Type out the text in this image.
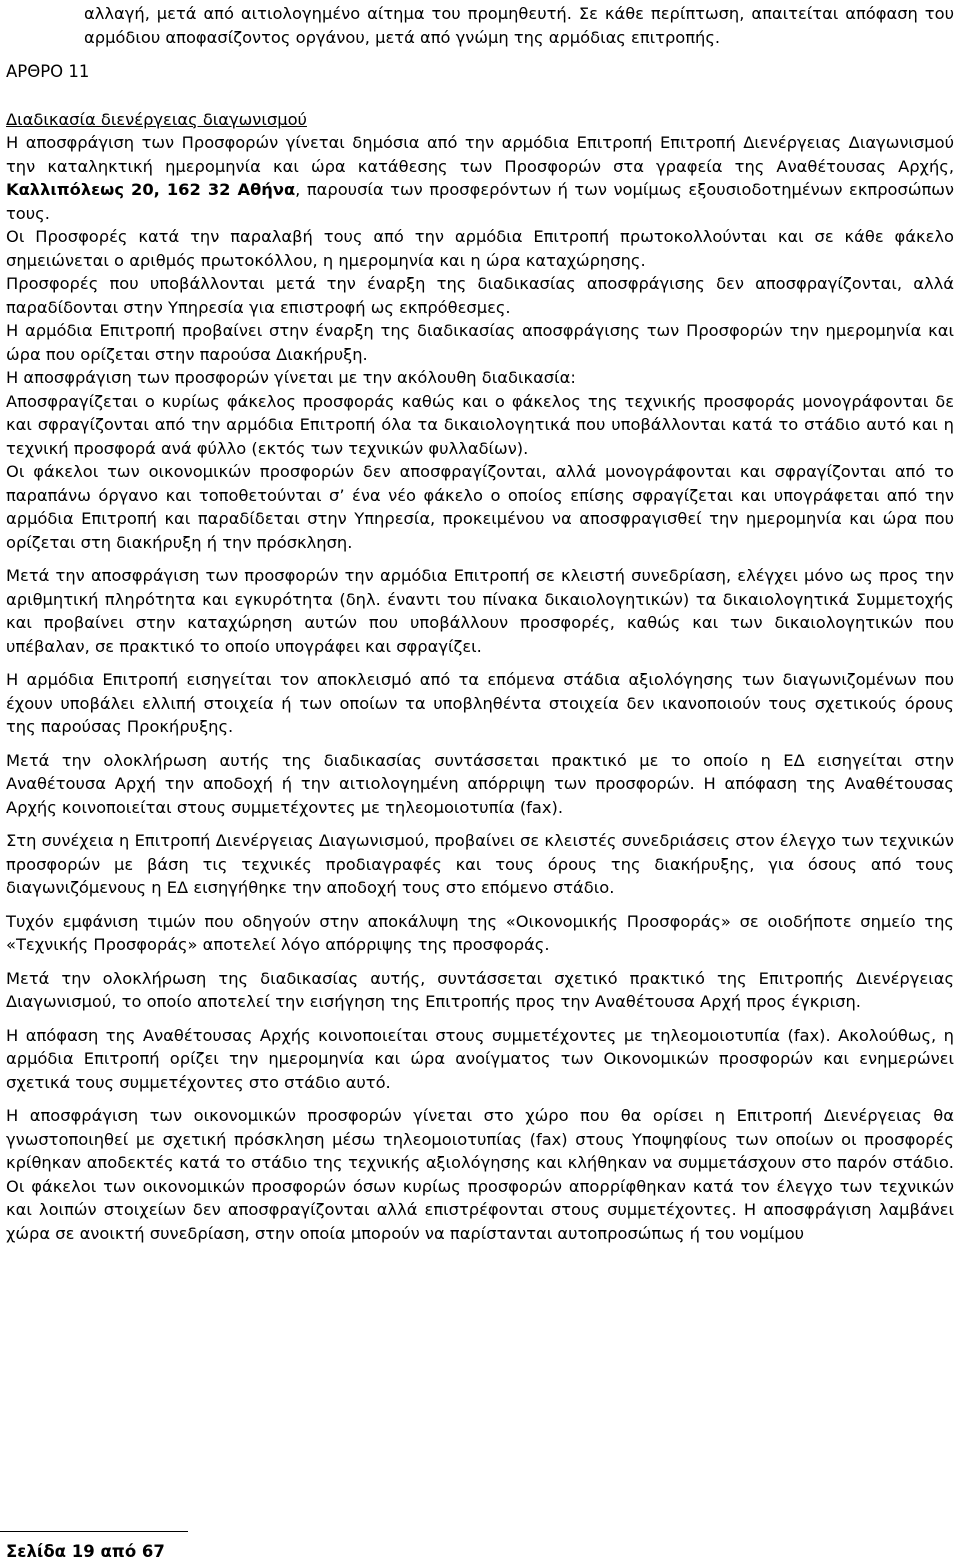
αλλαγή, μετά από αιτιολογημένο αίτημα του προμηθευτή. Σε κάθε περίπτωση, απαιτείται απόφαση του αρμόδιου αποφασίζοντος οργάνου, μετά από γνώμη της αρμόδιας επιτροπής.

ΑΡΘΡΟ 11
Διαδικασία διενέργειας διαγωνισμού

Η αποσφράγιση των Προσφορών γίνεται δημόσια από την αρμόδια Επιτροπή Επιτροπή Διενέργειας Διαγωνισμού την καταληκτική ημερομηνία και ώρα κατάθεσης των Προσφορών στα γραφεία της Αναθέτουσας Αρχής, Καλλιπόλεως 20, 162 32 Αθήνα, παρουσία των προσφερόντων ή των νομίμως εξουσιοδοτημένων εκπροσώπων τους.

Οι Προσφορές κατά την παραλαβή τους από την αρμόδια Επιτροπή πρωτοκολλούνται και σε κάθε φάκελο σημειώνεται ο αριθμός πρωτοκόλλου, η ημερομηνία και η ώρα καταχώρησης.

Προσφορές που υποβάλλονται μετά την έναρξη της διαδικασίας αποσφράγισης δεν αποσφραγίζονται, αλλά παραδίδονται στην Υπηρεσία για επιστροφή ως εκπρόθεσμες.

Η αρμόδια Επιτροπή προβαίνει στην έναρξη της διαδικασίας αποσφράγισης των Προσφορών την ημερομηνία και ώρα που ορίζεται στην παρούσα Διακήρυξη.

Η αποσφράγιση των προσφορών γίνεται με την ακόλουθη διαδικασία:

Αποσφραγίζεται ο κυρίως φάκελος προσφοράς καθώς και ο φάκελος της τεχνικής προσφοράς μονογράφονται δε και σφραγίζονται από την αρμόδια Επιτροπή όλα τα δικαιολογητικά που υποβάλλονται κατά το στάδιο αυτό και η τεχνική προσφορά ανά φύλλο (εκτός των τεχνικών φυλλαδίων).

Οι φάκελοι των οικονομικών προσφορών δεν αποσφραγίζονται, αλλά μονογράφονται και σφραγίζονται από το παραπάνω όργανο και τοποθετούνται σ’ ένα νέο φάκελο ο οποίος επίσης σφραγίζεται και υπογράφεται από την αρμόδια Επιτροπή και παραδίδεται στην Υπηρεσία, προκειμένου να αποσφραγισθεί την ημερομηνία και ώρα που ορίζεται στη διακήρυξη ή την πρόσκληση.

Μετά την αποσφράγιση των προσφορών την αρμόδια Επιτροπή σε κλειστή συνεδρίαση, ελέγχει μόνο ως προς την αριθμητική πληρότητα και εγκυρότητα (δηλ. έναντι του πίνακα δικαιολογητικών) τα δικαιολογητικά Συμμετοχής και προβαίνει στην καταχώρηση αυτών που υποβάλλουν προσφορές, καθώς και των δικαιολογητικών που υπέβαλαν, σε πρακτικό το οποίο υπογράφει και σφραγίζει.

Η αρμόδια Επιτροπή εισηγείται τον αποκλεισμό από τα επόμενα στάδια αξιολόγησης των διαγωνιζομένων που έχουν υποβάλει ελλιπή στοιχεία ή των οποίων τα υποβληθέντα στοιχεία δεν ικανοποιούν τους σχετικούς όρους της παρούσας Προκήρυξης.

Μετά την ολοκλήρωση αυτής της διαδικασίας συντάσσεται πρακτικό με το οποίο η ΕΔ εισηγείται στην Αναθέτουσα Αρχή την αποδοχή ή την αιτιολογημένη απόρριψη των προσφορών. Η απόφαση της Αναθέτουσας Αρχής κοινοποιείται στους συμμετέχοντες με τηλεομοιοτυπία (fax).

Στη συνέχεια η Επιτροπή Διενέργειας Διαγωνισμού, προβαίνει σε κλειστές συνεδριάσεις στον έλεγχο των τεχνικών προσφορών με βάση τις τεχνικές προδιαγραφές και τους όρους της διακήρυξης, για όσους από τους διαγωνιζόμενους η ΕΔ εισηγήθηκε την αποδοχή τους στο επόμενο στάδιο.

Τυχόν εμφάνιση τιμών που οδηγούν στην αποκάλυψη της «Οικονομικής Προσφοράς» σε οιοδήποτε σημείο της «Τεχνικής Προσφοράς» αποτελεί λόγο απόρριψης της προσφοράς.

Μετά την ολοκλήρωση της διαδικασίας αυτής, συντάσσεται σχετικό πρακτικό της Επιτροπής Διενέργειας Διαγωνισμού, το οποίο αποτελεί την εισήγηση της Επιτροπής προς την Αναθέτουσα Αρχή προς έγκριση.

Η απόφαση της Αναθέτουσας Αρχής κοινοποιείται στους συμμετέχοντες με τηλεομοιοτυπία (fax). Ακολούθως, η αρμόδια Επιτροπή ορίζει την ημερομηνία και ώρα ανοίγματος των Οικονομικών προσφορών και ενημερώνει σχετικά τους συμμετέχοντες στο στάδιο αυτό.

Η αποσφράγιση των οικονομικών προσφορών γίνεται στο χώρο που θα ορίσει η Επιτροπή Διενέργειας θα γνωστοποιηθεί με σχετική πρόσκληση μέσω τηλεομοιοτυπίας (fax) στους Υποψηφίους των οποίων οι προσφορές κρίθηκαν αποδεκτές κατά το στάδιο της τεχνικής αξιολόγησης και κλήθηκαν να συμμετάσχουν στο παρόν στάδιο. Οι φάκελοι των οικονομικών προσφορών όσων κυρίως προσφορών απορρίφθηκαν κατά τον έλεγχο των τεχνικών και λοιπών στοιχείων δεν αποσφραγίζονται αλλά επιστρέφονται στους συμμετέχοντες. Η αποσφράγιση λαμβάνει χώρα σε ανοικτή συνεδρίαση, στην οποία μπορούν να παρίστανται αυτοπροσώπως ή του νομίμου

Σελίδα 19 από 67
